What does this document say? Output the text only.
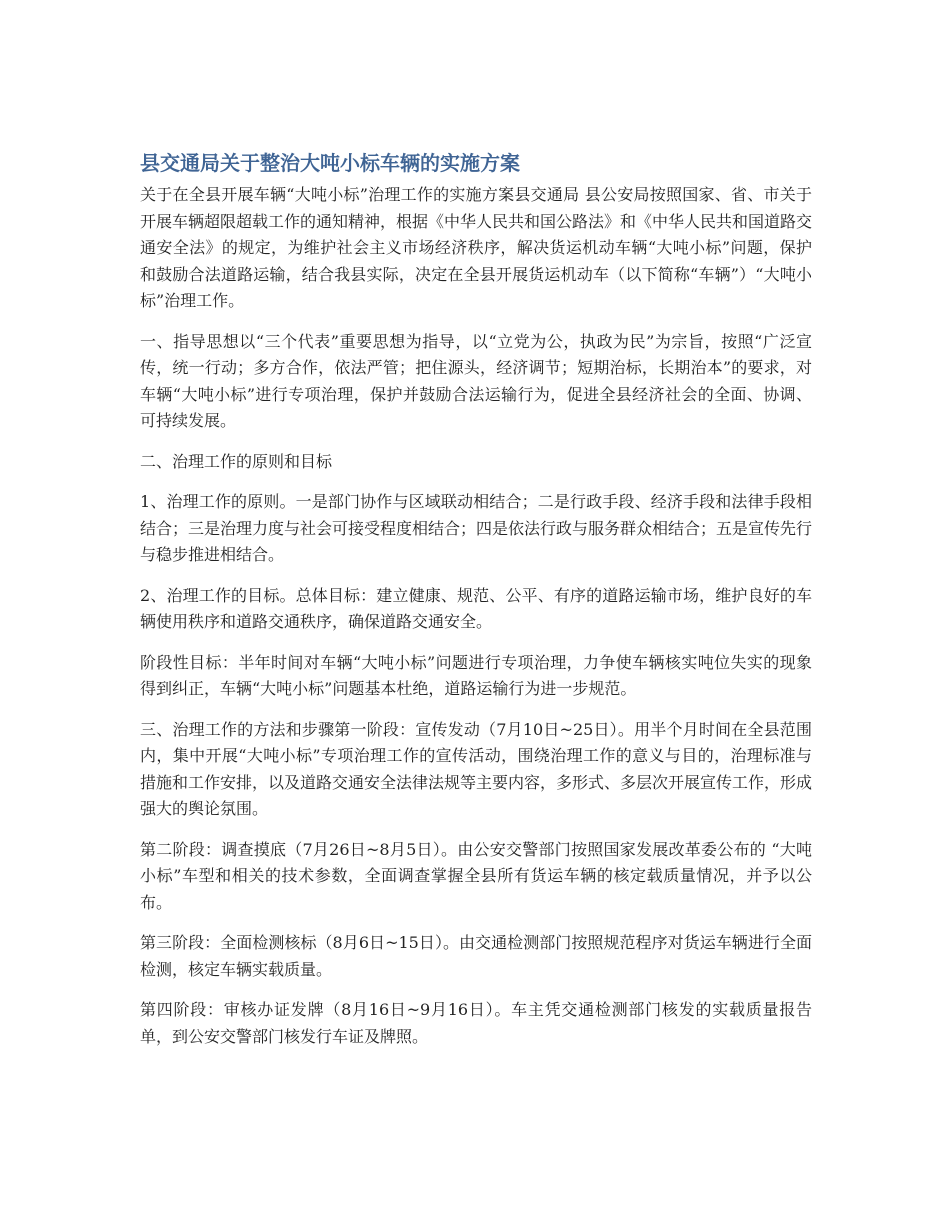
县交通局关于整治大吨小标车辆的实施方案

关于在全县开展车辆“大吨小标”治理工作的实施方案县交通局 县公安局按照国家、省、市关于开展车辆超限超载工作的通知精神，根据《中华人民共和国公路法》和《中华人民共和国道路交通安全法》的规定，为维护社会主义市场经济秩序，解决货运机动车辆“大吨小标”问题，保护和鼓励合法道路运输，结合我县实际，决定在全县开展货运机动车（以下简称“车辆”）“大吨小标”治理工作。

一、指导思想以“三个代表”重要思想为指导，以“立党为公，执政为民”为宗旨，按照“广泛宣传，统一行动；多方合作，依法严管；把住源头，经济调节；短期治标，长期治本”的要求，对车辆“大吨小标”进行专项治理，保护并鼓励合法运输行为，促进全县经济社会的全面、协调、可持续发展。

二、治理工作的原则和目标

1、治理工作的原则。一是部门协作与区域联动相结合；二是行政手段、经济手段和法律手段相结合；三是治理力度与社会可接受程度相结合；四是依法行政与服务群众相结合；五是宣传先行与稳步推进相结合。

2、治理工作的目标。总体目标：建立健康、规范、公平、有序的道路运输市场，维护良好的车辆使用秩序和道路交通秩序，确保道路交通安全。

阶段性目标：半年时间对车辆“大吨小标”问题进行专项治理，力争使车辆核实吨位失实的现象得到纠正，车辆“大吨小标”问题基本杜绝，道路运输行为进一步规范。

三、治理工作的方法和步骤第一阶段：宣传发动（7月10日~25日）。用半个月时间在全县范围内，集中开展“大吨小标”专项治理工作的宣传活动，围绕治理工作的意义与目的，治理标准与措施和工作安排，以及道路交通安全法律法规等主要内容，多形式、多层次开展宣传工作，形成强大的舆论氛围。

第二阶段：调查摸底（7月26日~8月5日）。由公安交警部门按照国家发展改革委公布的 “大吨小标”车型和相关的技术参数，全面调查掌握全县所有货运车辆的核定载质量情况，并予以公布。

第三阶段：全面检测核标（8月6日~15日）。由交通检测部门按照规范程序对货运车辆进行全面检测，核定车辆实载质量。

第四阶段：审核办证发牌（8月16日~9月16日）。车主凭交通检测部门核发的实载质量报告单，到公安交警部门核发行车证及牌照。
